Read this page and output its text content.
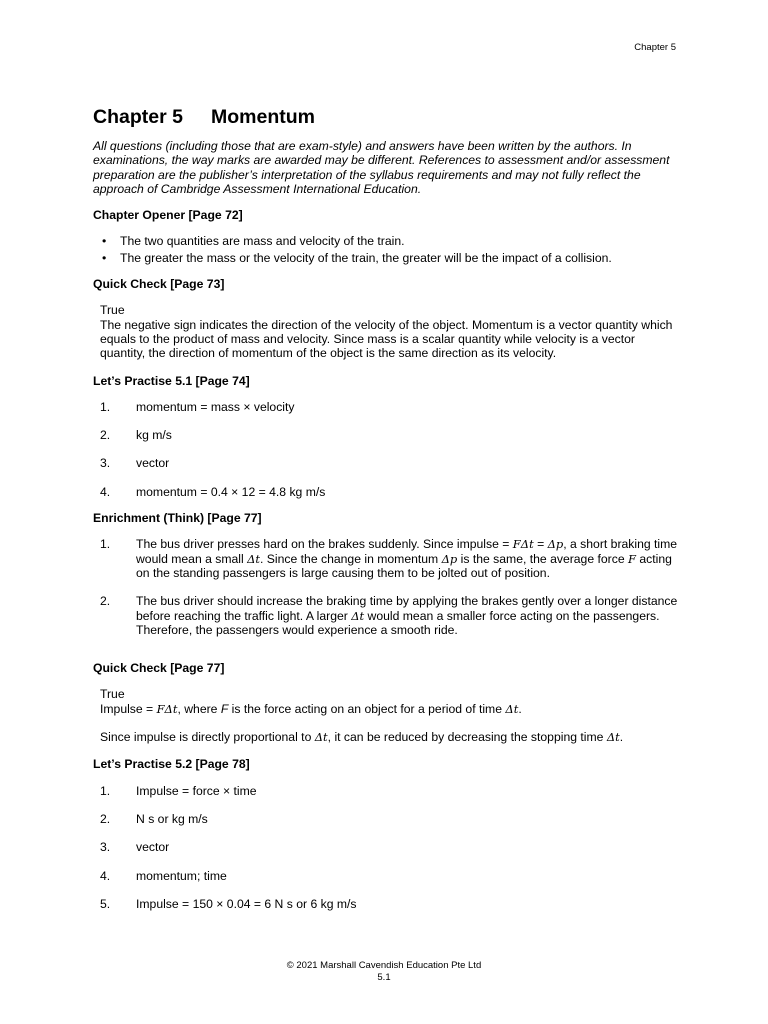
Chapter 5
Chapter 5	Momentum

All questions (including those that are exam-style) and answers have been written by the authors. In examinations, the way marks are awarded may be different. References to assessment and/or assessment preparation are the publisher’s interpretation of the syllabus requirements and may not fully reflect the approach of Cambridge Assessment International Education.

Chapter Opener [Page 72]
• The two quantities are mass and velocity of the train.
• The greater the mass or the velocity of the train, the greater will be the impact of a collision.
Quick Check [Page 73]

True

The negative sign indicates the direction of the velocity of the object. Momentum is a vector quantity which equals to the product of mass and velocity. Since mass is a scalar quantity while velocity is a vector quantity, the direction of momentum of the object is the same direction as its velocity.

Let’s Practise 5.1 [Page 74]
1.	momentum = mass × velocity
2.	kg m/s
3.	vector
4.	momentum = 0.4 × 12 = 4.8 kg m/s
Enrichment (Think) [Page 77]
1.	The bus driver presses hard on the brakes suddenly. Since impulse = FΔt = Δp, a short braking time would mean a small Δt. Since the change in momentum Δp is the same, the average force F acting on the standing passengers is large causing them to be jolted out of position.
2.	The bus driver should increase the braking time by applying the brakes gently over a longer distance before reaching the traffic light. A larger Δt would mean a smaller force acting on the passengers. Therefore, the passengers would experience a smooth ride.
Quick Check [Page 77]

True

Impulse = FΔt, where F is the force acting on an object for a period of time Δt.

Since impulse is directly proportional to Δt, it can be reduced by decreasing the stopping time Δt.

Let’s Practise 5.2 [Page 78]
1.	Impulse = force × time
2.	N s or kg m/s
3.	vector
4.	momentum; time
5.	Impulse = 150 × 0.04 = 6 N s or 6 kg m/s
© 2021 Marshall Cavendish Education Pte Ltd
5.1
